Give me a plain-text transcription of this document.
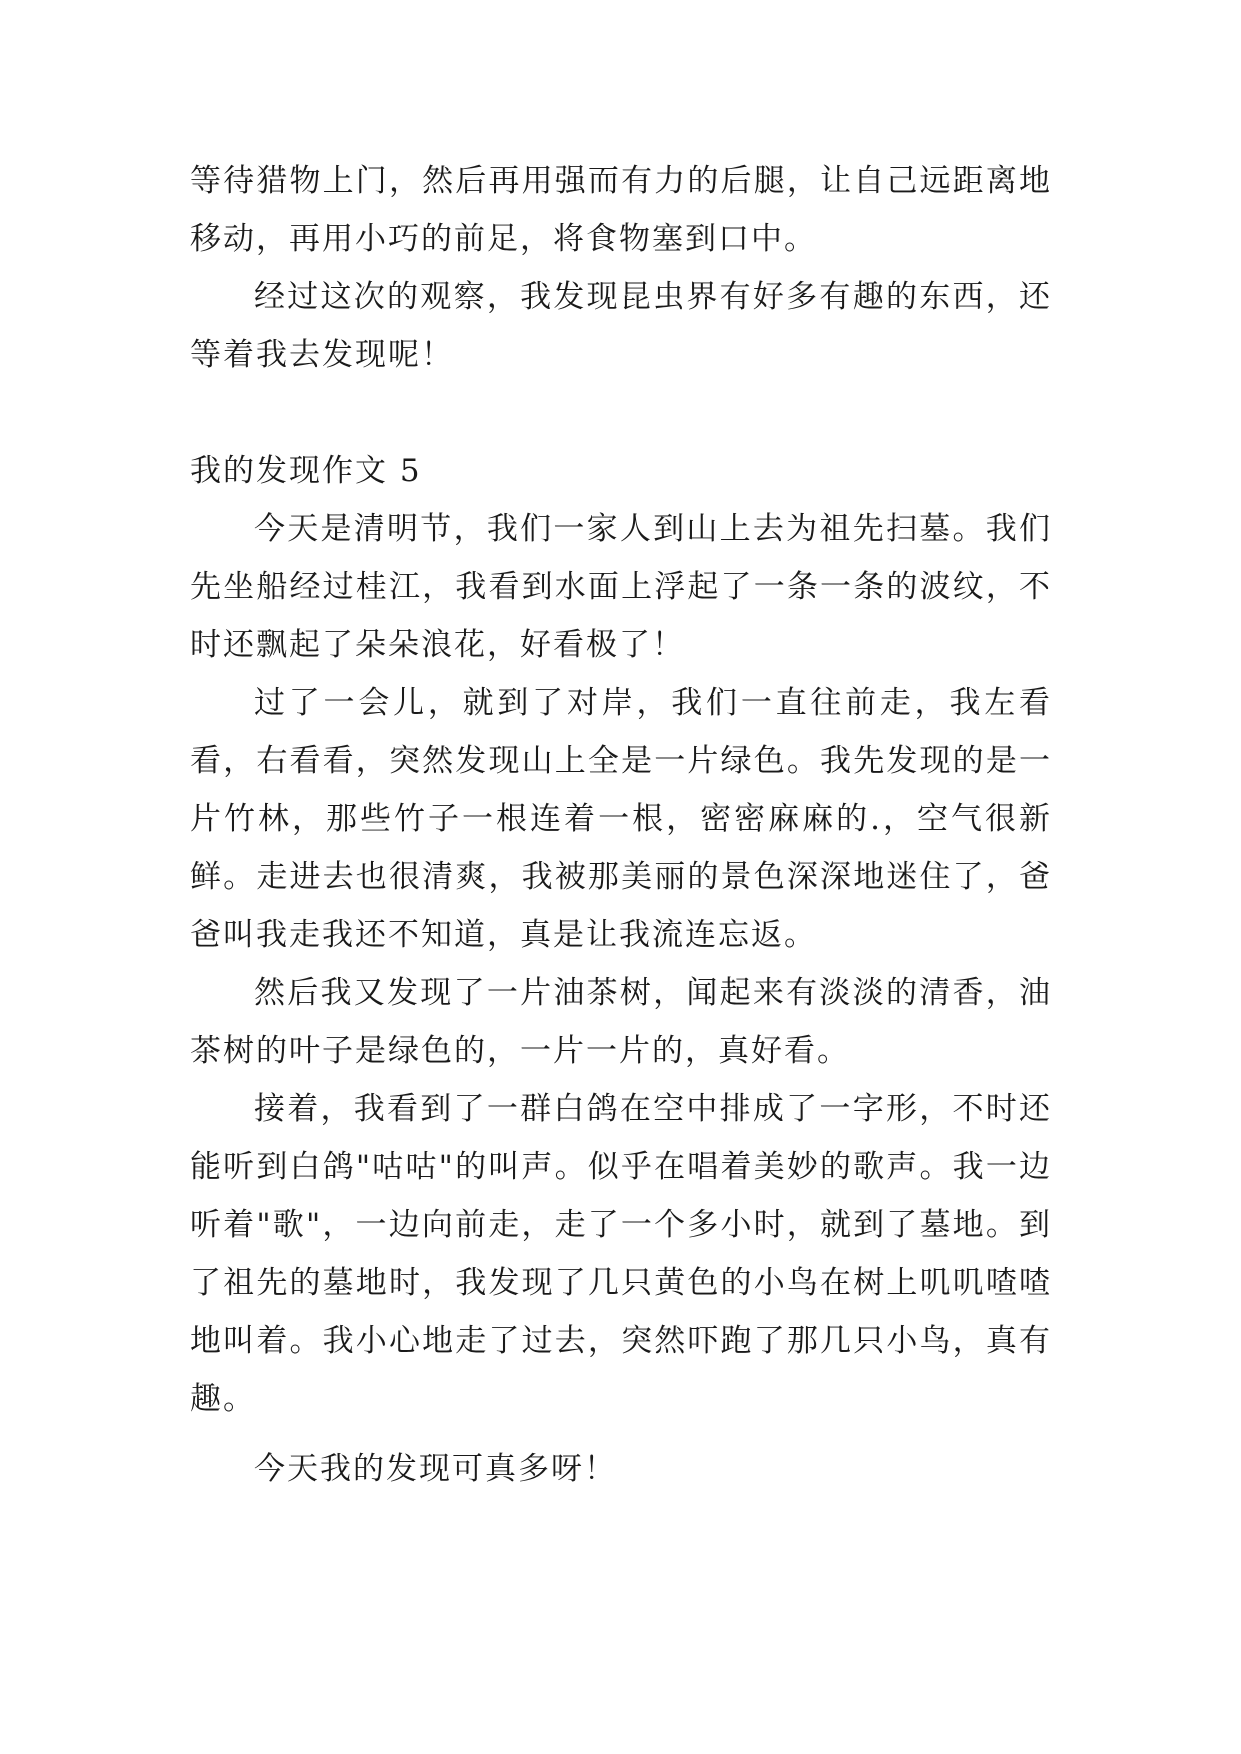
等待猎物上门，然后再用强而有力的后腿，让自己远距离地移动，再用小巧的前足，将食物塞到口中。

经过这次的观察，我发现昆虫界有好多有趣的东西，还等着我去发现呢！

我的发现作文 5

今天是清明节，我们一家人到山上去为祖先扫墓。我们先坐船经过桂江，我看到水面上浮起了一条一条的波纹，不时还飘起了朵朵浪花，好看极了！

过了一会儿，就到了对岸，我们一直往前走，我左看看，右看看，突然发现山上全是一片绿色。我先发现的是一片竹林，那些竹子一根连着一根，密密麻麻的.，空气很新鲜。走进去也很清爽，我被那美丽的景色深深地迷住了，爸爸叫我走我还不知道，真是让我流连忘返。

然后我又发现了一片油茶树，闻起来有淡淡的清香，油茶树的叶子是绿色的，一片一片的，真好看。

接着，我看到了一群白鸽在空中排成了一字形，不时还能听到白鸽"咕咕"的叫声。似乎在唱着美妙的歌声。我一边听着"歌"，一边向前走，走了一个多小时，就到了墓地。到了祖先的墓地时，我发现了几只黄色的小鸟在树上叽叽喳喳地叫着。我小心地走了过去，突然吓跑了那几只小鸟，真有趣。

今天我的发现可真多呀！
